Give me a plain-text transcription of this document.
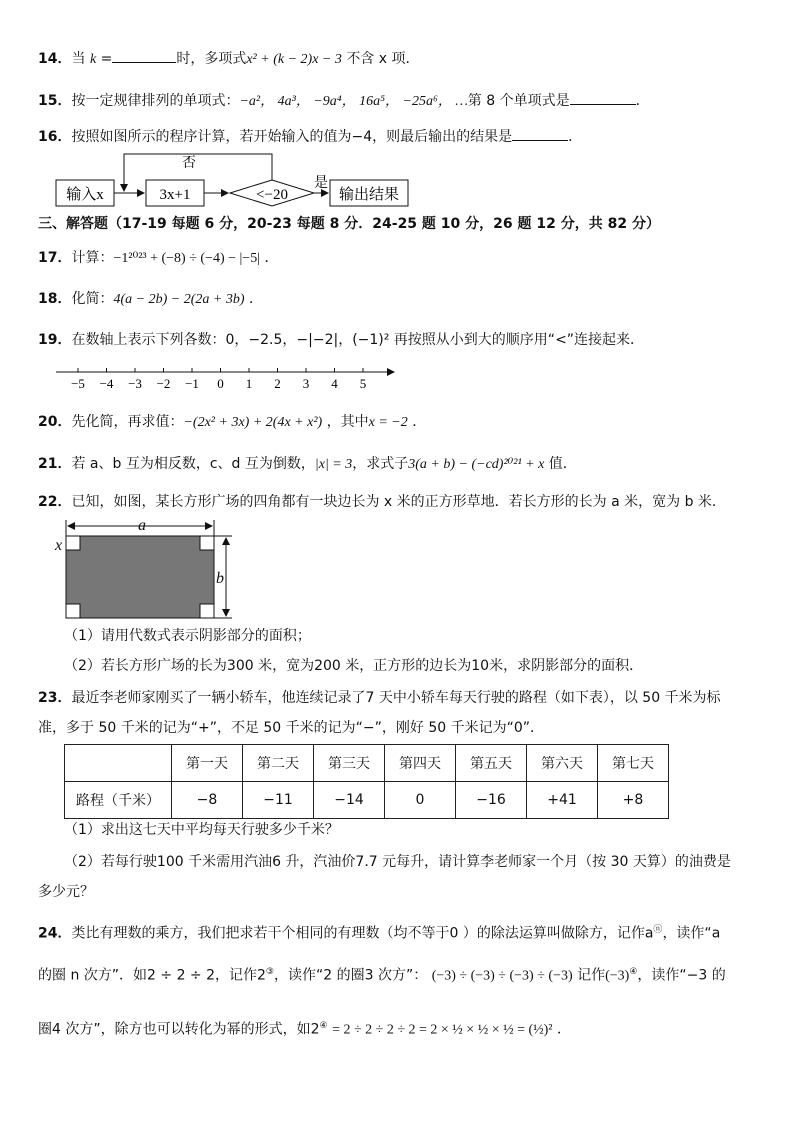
14．当 k =	时，多项式x² + (k − 2)x − 3 不含 x 项．
15．按一定规律排列的单项式：−a²， 4a³， −9a⁴， 16a⁵， −25a⁶， …第 8 个单项式是	．
16．按照如图所示的程序计算，若开始输入的值为−4，则最后输出的结果是	．
输入x	3x+1	<−20
是
输出结果
否
三、解答题（17-19 每题 6 分，20-23 每题 8 分．24-25 题 10 分，26 题 12 分，共 82 分）
17．计算：−1²⁰²³ + (−8) ÷ (−4) − |−5| ．
18．化简：4(a − 2b) − 2(2a + 3b) ．
19．在数轴上表示下列各数：0，−2.5，−|−2|，(−1)² 再按照从小到大的顺序用“<”连接起来．
−5 −4 −3 −2 −1 0 1 2 3 4 5
20．先化简，再求值：−(2x² + 3x) + 2(4x + x²) ，其中x = −2 ．
21．若 a、b 互为相反数，c、d 互为倒数，|x| = 3，求式子3(a + b) − (−cd)²⁰²¹ + x 值．
22．已知，如图，某长方形广场的四角都有一块边长为 x 米的正方形草地．若长方形的长为 a 米，宽为 b 米．
a
x
b
（1）请用代数式表示阴影部分的面积；
（2）若长方形广场的长为300 米，宽为200 米，正方形的边长为10米，求阴影部分的面积．
23．最近李老师家刚买了一辆小轿车，他连续记录了7 天中小轿车每天行驶的路程（如下表），以 50 千米为标
准，多于 50 千米的记为“+”，不足 50 千米的记为“−”，刚好 50 千米记为“0”．
	第一天	第二天	第三天	第四天	第五天	第六天	第七天
路程（千米）	−8	−11	−14	0	−16	+41	+8
（1）求出这七天中平均每天行驶多少千米？
（2）若每行驶100 千米需用汽油6 升，汽油价7.7 元每升，请计算李老师家一个月（按 30 天算）的油费是
多少元？
24．类比有理数的乘方，我们把求若干个相同的有理数（均不等于0 ）的除法运算叫做除方，记作aⓝ，读作“a
的圈 n 次方”．如2 ÷ 2 ÷ 2，记作2③，读作“2 的圈3 次方”： (−3) ÷ (−3) ÷ (−3) ÷ (−3) 记作(−3)④，读作“−3 的
圈4 次方”，除方也可以转化为幂的形式，如2④ = 2 ÷ 2 ÷ 2 ÷ 2 = 2 × ½ × ½ × ½ = (½)² ．
